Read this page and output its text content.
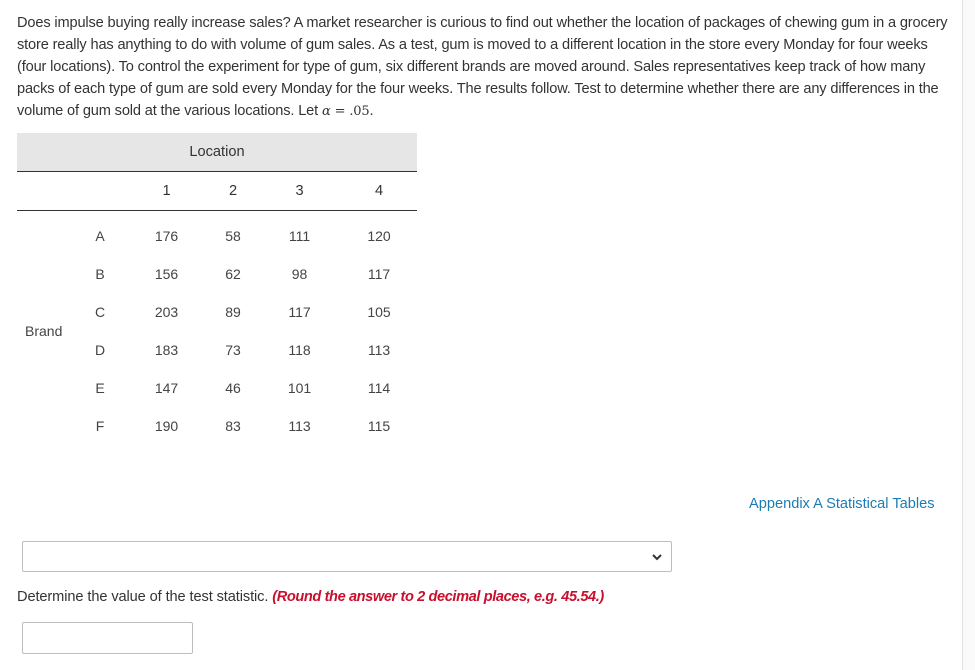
Does impulse buying really increase sales? A market researcher is curious to find out whether the location of packages of chewing gum in a grocery store really has anything to do with volume of gum sales. As a test, gum is moved to a different location in the store every Monday for four weeks (four locations). To control the experiment for type of gum, six different brands are moved around. Sales representatives keep track of how many packs of each type of gum are sold every Monday for the four weeks. The results follow. Test to determine whether there are any differences in the volume of gum sold at the various locations. Let α = .05.
Location					
		1	2	3	4

Brand	A	176	58	111	120
	B	156	62	98	117
	C	203	89	117	105
	D	183	73	118	113
	E	147	46	101	114
	F	190	83	113	115
Appendix A Statistical Tables
Determine the value of the test statistic. (Round the answer to 2 decimal places, e.g. 45.54.)
